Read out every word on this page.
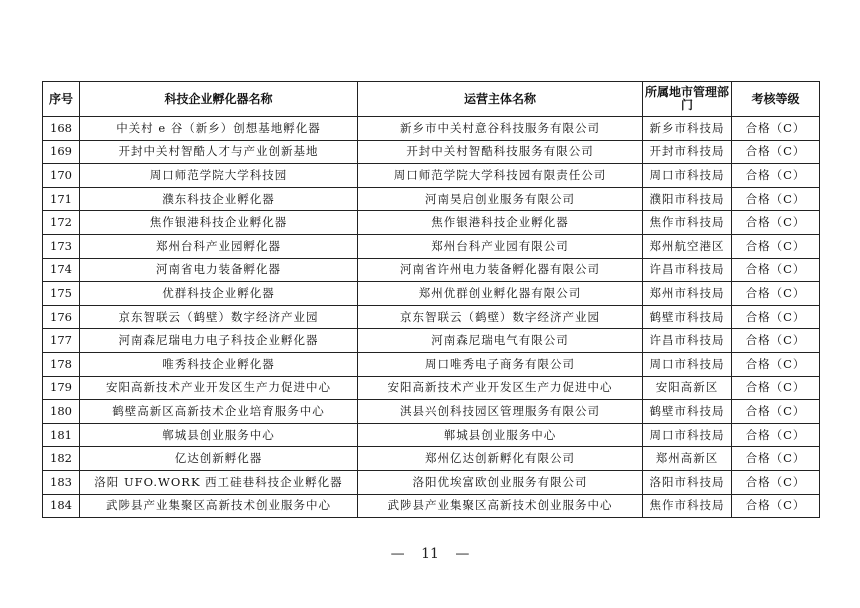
序号	科技企业孵化器名称	运营主体名称	所属地市管理部门	考核等级
168	中关村 e 谷（新乡）创想基地孵化器	新乡市中关村意谷科技服务有限公司	新乡市科技局	合格（C）
169	开封中关村智酷人才与产业创新基地	开封中关村智酷科技服务有限公司	开封市科技局	合格（C）
170	周口师范学院大学科技园	周口师范学院大学科技园有限责任公司	周口市科技局	合格（C）
171	濮东科技企业孵化器	河南昊启创业服务有限公司	濮阳市科技局	合格（C）
172	焦作银港科技企业孵化器	焦作银港科技企业孵化器	焦作市科技局	合格（C）
173	郑州台科产业园孵化器	郑州台科产业园有限公司	郑州航空港区	合格（C）
174	河南省电力装备孵化器	河南省许州电力装备孵化器有限公司	许昌市科技局	合格（C）
175	优群科技企业孵化器	郑州优群创业孵化器有限公司	郑州市科技局	合格（C）
176	京东智联云（鹤壁）数字经济产业园	京东智联云（鹤壁）数字经济产业园	鹤壁市科技局	合格（C）
177	河南森尼瑞电力电子科技企业孵化器	河南森尼瑞电气有限公司	许昌市科技局	合格（C）
178	唯秀科技企业孵化器	周口唯秀电子商务有限公司	周口市科技局	合格（C）
179	安阳高新技术产业开发区生产力促进中心	安阳高新技术产业开发区生产力促进中心	安阳高新区	合格（C）
180	鹤壁高新区高新技术企业培育服务中心	淇县兴创科技园区管理服务有限公司	鹤壁市科技局	合格（C）
181	郸城县创业服务中心	郸城县创业服务中心	周口市科技局	合格（C）
182	亿达创新孵化器	郑州亿达创新孵化有限公司	郑州高新区	合格（C）
183	洛阳 UFO.WORK 西工硅巷科技企业孵化器	洛阳优埃富欧创业服务有限公司	洛阳市科技局	合格（C）
184	武陟县产业集聚区高新技术创业服务中心	武陟县产业集聚区高新技术创业服务中心	焦作市科技局	合格（C）
— 11 —
